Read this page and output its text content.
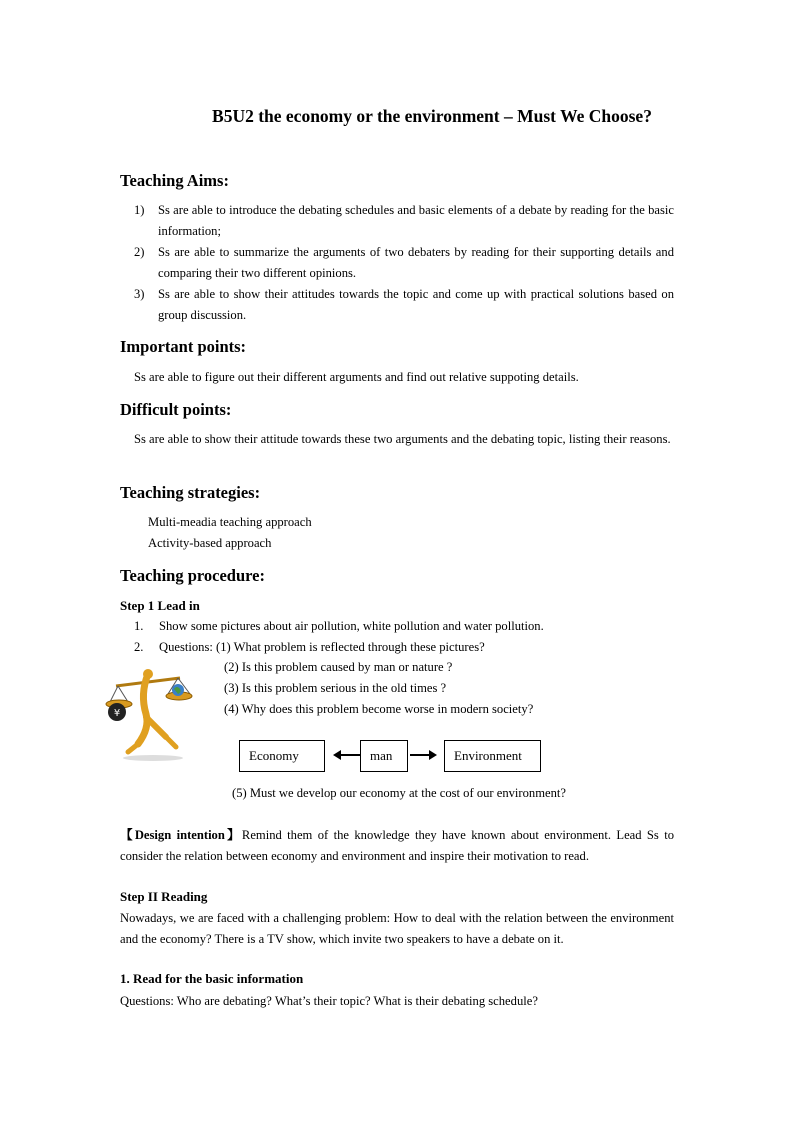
B5U2 the economy or the environment – Must We Choose?
Teaching Aims:
1) Ss are able to introduce the debating schedules and basic elements of a debate by reading for the basic information;
2) Ss are able to summarize the arguments of two debaters by reading for their supporting details and comparing their two different opinions.
3) Ss are able to show their attitudes towards the topic and come up with practical solutions based on group discussion.
Important points:
Ss are able to figure out their different arguments and find out relative suppoting details.
Difficult points:
Ss are able to show their attitude towards these two arguments and the debating topic, listing their reasons.
Teaching strategies:
Multi-meadia teaching approach
Activity-based approach
Teaching procedure:
Step 1 Lead in
1. Show some pictures about air pollution, white pollution and water pollution.
2. Questions: (1) What problem is reflected through these pictures?
(2) Is this problem caused by man or nature ?
(3) Is this problem serious in the old times ?
(4) Why does this problem become worse in modern society?
¥
Economy	man	Environment
(5) Must we develop our economy at the cost of our environment?
【Design intention】Remind them of the knowledge they have known about environment. Lead Ss to consider the relation between economy and environment and inspire their motivation to read.
Step II Reading
Nowadays, we are faced with a challenging problem: How to deal with the relation between the environment and the economy? There is a TV show, which invite two speakers to have a debate on it.
1. Read for the basic information
Questions: Who are debating? What’s their topic? What is their debating schedule?
